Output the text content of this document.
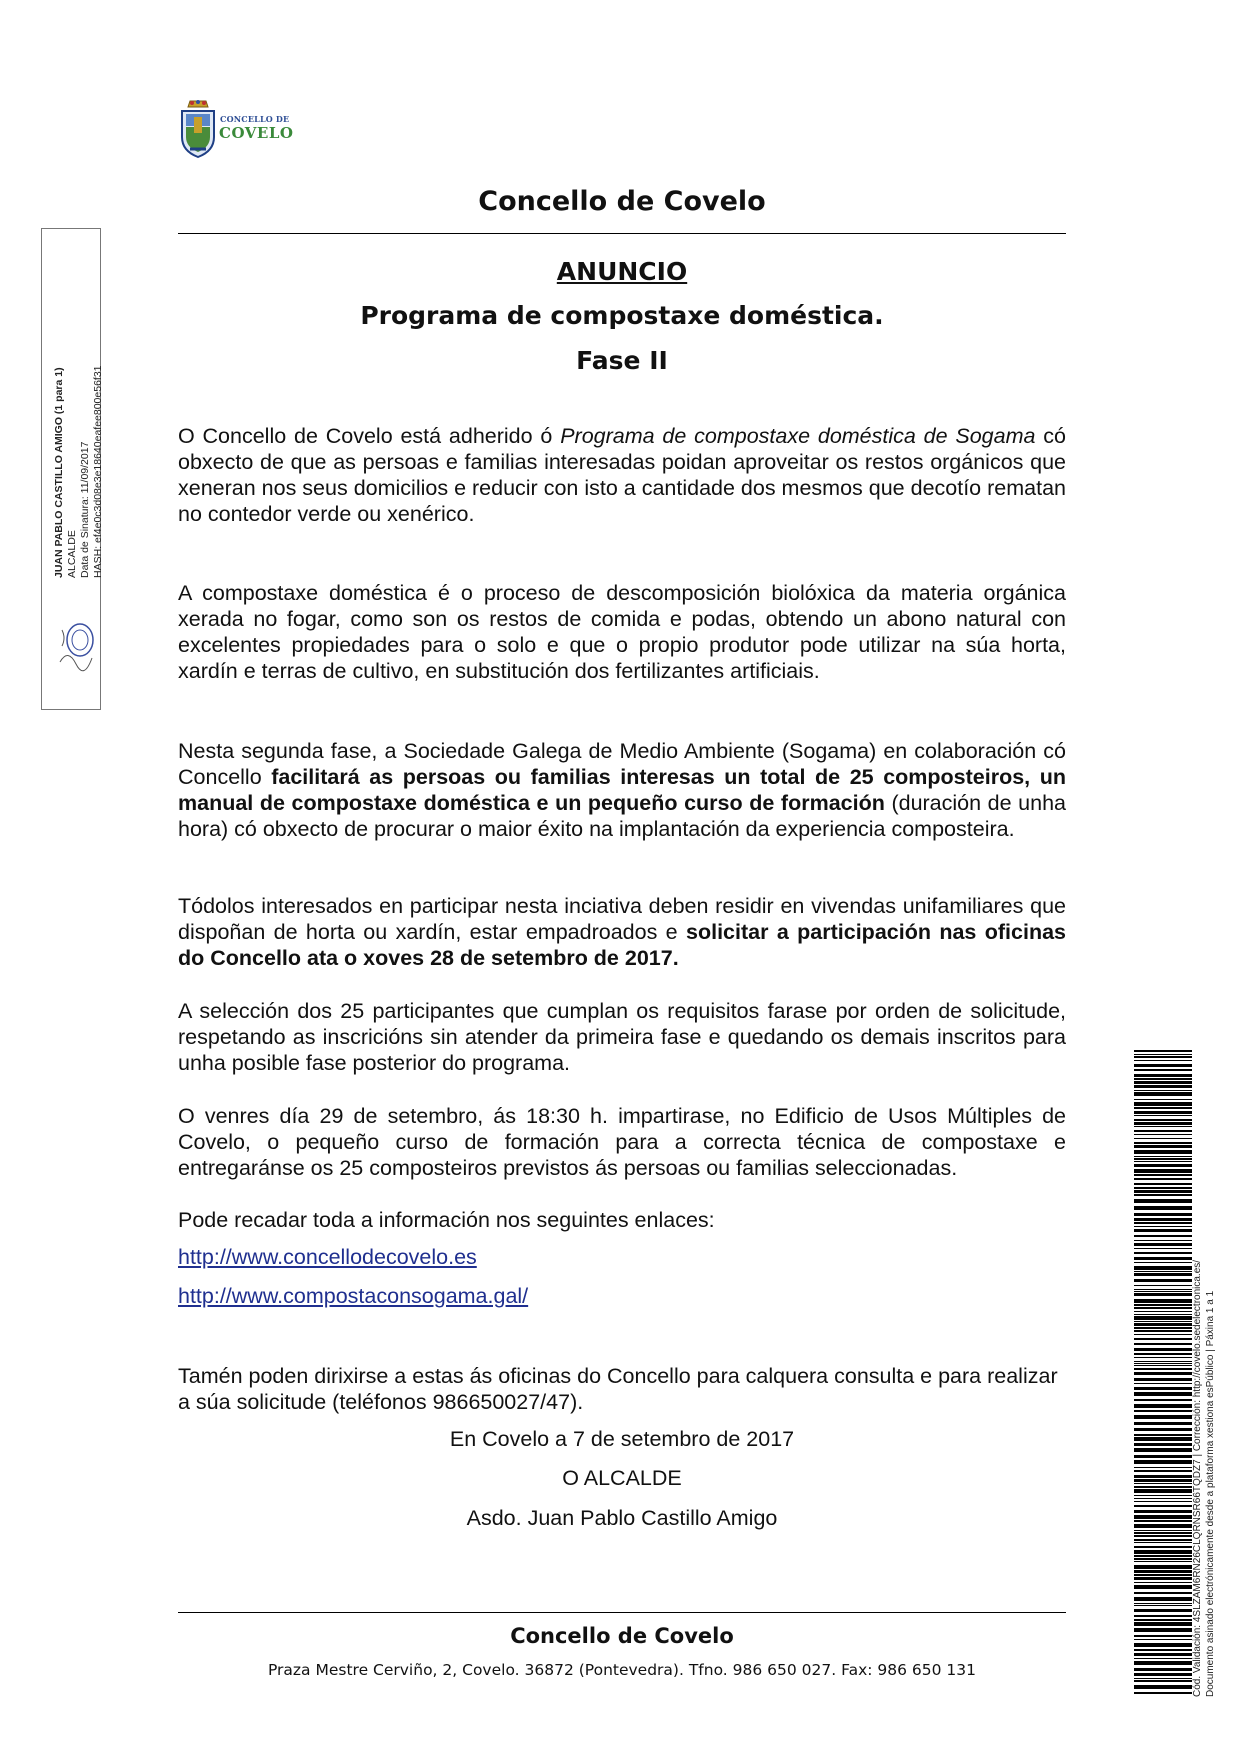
CONCELLO DE
COVELO
Concello de Covelo
ANUNCIO
Programa de compostaxe doméstica.
Fase II

O Concello de Covelo está adherido ó Programa de compostaxe doméstica de Sogama có obxecto de que as persoas e familias interesadas poidan aproveitar os restos orgánicos que xeneran nos seus domicilios e reducir con isto a cantidade dos mesmos que decotío rematan no contedor verde ou xenérico.

A compostaxe doméstica é o proceso de descomposición biolóxica da materia orgánica xerada no fogar, como son os restos de comida e podas, obtendo un abono natural con excelentes propiedades para o solo e que o propio produtor pode utilizar na súa horta, xardín e terras de cultivo, en substitución dos fertilizantes artificiais.

Nesta segunda fase, a Sociedade Galega de Medio Ambiente (Sogama) en colaboración có Concello facilitará as persoas ou familias interesas un total de 25 composteiros, un manual de compostaxe doméstica e un pequeño curso de formación (duración de unha hora) có obxecto de procurar o maior éxito na implantación da experiencia composteira.

Tódolos interesados en participar nesta inciativa deben residir en vivendas unifamiliares que dispoñan de horta ou xardín, estar empadroados e solicitar a participación nas oficinas do Concello ata o xoves 28 de setembro de 2017.

A selección dos 25 participantes que cumplan os requisitos farase por orden de solicitude, respetando as inscricións sin atender da primeira fase e quedando os demais inscritos para unha posible fase posterior do programa.

O venres día 29 de setembro, ás 18:30 h. impartirase, no Edificio de Usos Múltiples de Covelo, o pequeño curso de formación para a correcta técnica de compostaxe e entregaránse os 25 composteiros previstos ás persoas ou familias seleccionadas.

Pode recadar toda a información nos seguintes enlaces:

http://www.concellodecovelo.es
http://www.compostaconsogama.gal/

Tamén poden dirixirse a estas ás oficinas do Concello para calquera consulta e para realizar a súa solicitude (teléfonos 986650027/47).

En Covelo a 7 de setembro de 2017
O ALCALDE
Asdo. Juan Pablo Castillo Amigo
Concello de Covelo
Praza Mestre Cerviño, 2, Covelo. 36872 (Pontevedra). Tfno. 986 650 027. Fax: 986 650 131
JUAN PABLO CASTILLO AMIGO (1 para 1) ALCALDE Data de Sinatura: 11/09/2017 HASH: ef4e0c3d08e3e18640eafee800e56f31
Cód. Validación: 4SLZAM6RN26CLQRNSR66TQDZ7 | Corrección: http://covelo.sedelectronica.es/ Documento asinado electrónicamente desde a plataforma xestiona esPúblico | Páxina 1 a 1
